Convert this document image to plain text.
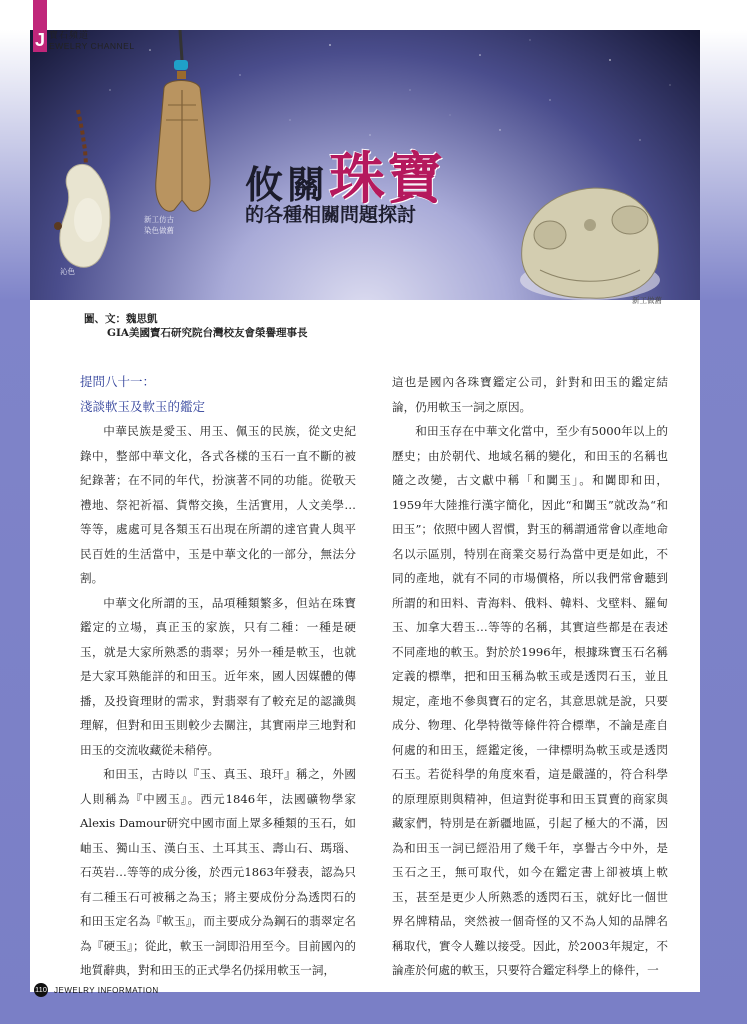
J 寶石頻道
EWELRY CHANNEL
攸關珠寶
的各種相關問題探討
沁色
新工仿古
染色做舊
新工做舊
圖、文：魏思凱
GIA美國寶石研究院台灣校友會榮譽理事長
提問八十一：
淺談軟玉及軟玉的鑑定

中華民族是愛玉、用玉、佩玉的民族，從文史紀錄中，整部中華文化，各式各樣的玉石一直不斷的被紀錄著；在不同的年代，扮演著不同的功能。從敬天禮地、祭祀祈福、貨幣交換，生活實用，人文美學…等等，處處可見各類玉石出現在所謂的達官貴人與平民百姓的生活當中，玉是中華文化的一部分，無法分割。

中華文化所謂的玉，品項種類繁多，但站在珠寶鑑定的立場，真正玉的家族，只有二種：一種是硬玉，就是大家所熟悉的翡翠；另外一種是軟玉，也就是大家耳熟能詳的和田玉。近年來，國人因媒體的傳播，及投資理財的需求，對翡翠有了較充足的認識與理解，但對和田玉則較少去關注，其實兩岸三地對和田玉的交流收藏從未稍停。

和田玉，古時以『玉、真玉、琅玕』稱之，外國人則稱為『中國玉』。西元1846年，法國礦物學家Alexis Damour研究中國市面上眾多種類的玉石，如岫玉、獨山玉、漢白玉、土耳其玉、壽山石、瑪瑙、石英岩…等等的成分後，於西元1863年發表，認為只有二種玉石可被稱之為玉；將主要成份分為透閃石的和田玉定名為『軟玉』，而主要成分為鋼石的翡翠定名為『硬玉』；從此，軟玉一詞即沿用至今。目前國內的地質辭典，對和田玉的正式學名仍採用軟玉一詞，

這也是國內各珠寶鑑定公司，針對和田玉的鑑定結論，仍用軟玉一詞之原因。

和田玉存在中華文化當中，至少有5000年以上的歷史；由於朝代、地域名稱的變化，和田玉的名稱也隨之改變，古文獻中稱「和闐玉」。和闐即和田，1959年大陸推行漢字簡化，因此“和闐玉”就改為“和田玉”；依照中國人習慣，對玉的稱謂通常會以產地命名以示區別，特別在商業交易行為當中更是如此，不同的產地，就有不同的市場價格，所以我們常會聽到所謂的和田料、青海料、俄料、韓料、戈壁料、羅甸玉、加拿大碧玉…等等的名稱，其實這些都是在表述不同產地的軟玉。對於於1996年，根據珠寶玉石名稱定義的標準，把和田玉稱為軟玉或是透閃石玉，並且規定，產地不參與寶石的定名，其意思就是說，只要成分、物理、化學特徵等條件符合標準，不論是產自何處的和田玉，經鑑定後，一律標明為軟玉或是透閃石玉。若從科學的角度來看，這是嚴謹的，符合科學的原理原則與精神，但這對從事和田玉買賣的商家與藏家們，特別是在新疆地區，引起了極大的不滿，因為和田玉一詞已經沿用了幾千年，享譽古今中外，是玉石之王，無可取代，如今在鑑定書上卻被填上軟玉，甚至是更少人所熟悉的透閃石玉，就好比一個世界名牌精品，突然被一個奇怪的又不為人知的品牌名稱取代，實令人難以接受。因此，於2003年規定，不論產於何處的軟玉，只要符合鑑定科學上的條件，一

110 JEWELRY INFORMATION
